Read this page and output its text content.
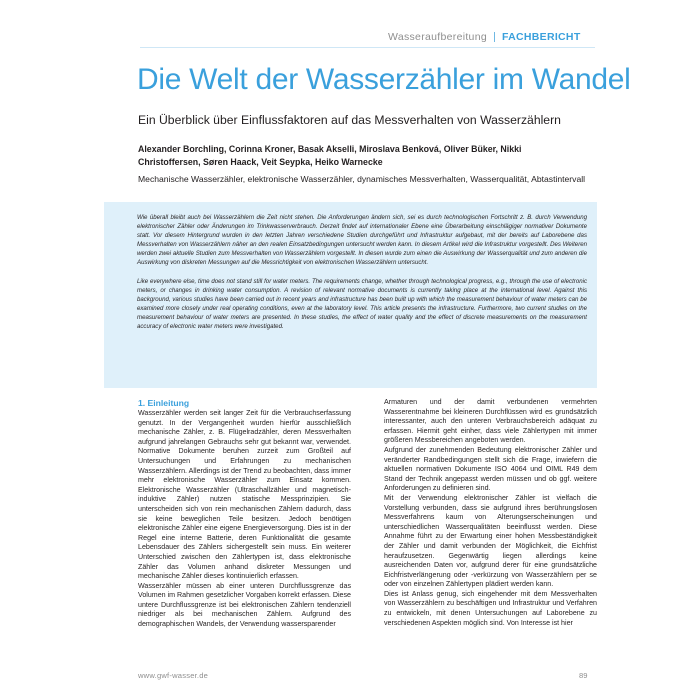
Wasseraufbereitung FACHBERICHT
Die Welt der Wasserzähler im Wandel
Ein Überblick über Einflussfaktoren auf das Messverhalten von Wasserzählern
Alexander Borchling, Corinna Kroner, Basak Akselli, Miroslava Benková, Oliver Büker, Nikki Christoffersen, Søren Haack, Veit Seypka, Heiko Warnecke
Mechanische Wasserzähler, elektronische Wasserzähler, dynamisches Messverhalten, Wasserqualität, Abtastintervall

Wie überall bleibt auch bei Wasserzählern die Zeit nicht stehen. Die Anforderungen ändern sich, sei es durch technologischen Fortschritt z. B. durch Verwendung elektronischer Zähler oder Änderungen im Trinkwasserverbrauch. Derzeit findet auf internationaler Ebene eine Überarbeitung einschlägiger normativer Dokumente statt. Vor diesem Hintergrund wurden in den letzten Jahren verschiedene Studien durchgeführt und Infrastruktur aufgebaut, mit der bereits auf Laborebene das Messverhalten von Wasserzählern näher an den realen Einsatzbedingungen untersucht werden kann. In diesem Artikel wird die Infrastruktur vorgestellt. Des Weiteren werden zwei aktuelle Studien zum Messverhalten von Wasserzählern vorgestellt. In diesen wurde zum einen die Auswirkung der Wasserqualität und zum anderen die Auswirkung von diskreten Messungen auf die Messrichtigkeit von elektronischen Wasserzählern untersucht.

Like everywhere else, time does not stand still for water meters. The requirements change, whether through technological progress, e.g., through the use of electronic meters, or changes in drinking water consumption. A revision of relevant normative documents is currently taking place at the international level. Against this background, various studies have been carried out in recent years and infrastructure has been built up with which the measurement behaviour of water meters can be examined more closely under real operating conditions, even at the laboratory level. This article presents the infrastructure. Furthermore, two current studies on the measurement behaviour of water meters are presented. In these studies, the effect of water quality and the effect of discrete measurements on the measurement accuracy of electronic water meters were investigated.

1. Einleitung

Wasserzähler werden seit langer Zeit für die Verbrauchserfassung genutzt. In der Vergangenheit wurden hierfür ausschließlich mechanische Zähler, z. B. Flügelradzähler, deren Messverhalten aufgrund jahrelangen Gebrauchs sehr gut bekannt war, verwendet. Normative Dokumente beruhen zurzeit zum Großteil auf Untersuchungen und Erfahrungen zu mechanischen Wasserzählern. Allerdings ist der Trend zu beobachten, dass immer mehr elektronische Wasserzähler zum Einsatz kommen. Elektronische Wasserzähler (Ultraschallzähler und magnetisch-induktive Zähler) nutzen statische Messprinzipien. Sie unterscheiden sich von rein mechanischen Zählern dadurch, dass sie keine beweglichen Teile besitzen. Jedoch benötigen elektronische Zähler eine eigene Energieversorgung. Dies ist in der Regel eine interne Batterie, deren Funktionalität die gesamte Lebensdauer des Zählers sichergestellt sein muss. Ein weiterer Unterschied zwischen den Zählertypen ist, dass elektronische Zähler das Volumen anhand diskreter Messungen und mechanische Zähler dieses kontinuierlich erfassen.

Wasserzähler müssen ab einer unteren Durchflussgrenze das Volumen im Rahmen gesetzlicher Vorgaben korrekt erfassen. Diese untere Durchflussgrenze ist bei elektronischen Zählern tendenziell niedriger als bei mechanischen Zählern. Aufgrund des demographischen Wandels, der Verwendung wassersparender

Armaturen und der damit verbundenen vermehrten Wasserentnahme bei kleineren Durchflüssen wird es grundsätzlich interessanter, auch den unteren Verbrauchsbereich adäquat zu erfassen. Hiermit geht einher, dass viele Zählertypen mit immer größeren Messbereichen angeboten werden.

Aufgrund der zunehmenden Bedeutung elektronischer Zähler und veränderter Randbedingungen stellt sich die Frage, inwiefern die aktuellen normativen Dokumente ISO 4064 und OIML R49 dem Stand der Technik angepasst werden müssen und ob ggf. weitere Anforderungen zu definieren sind.

Mit der Verwendung elektronischer Zähler ist vielfach die Vorstellung verbunden, dass sie aufgrund ihres berührungslosen Messverfahrens kaum von Alterungserscheinungen und unterschiedlichen Wasserqualitäten beeinflusst werden. Diese Annahme führt zu der Erwartung einer hohen Messbeständigkeit der Zähler und damit verbunden der Möglichkeit, die Eichfrist heraufzusetzen. Gegenwärtig liegen allerdings keine ausreichenden Daten vor, aufgrund derer für eine grundsätzliche Eichfristverlängerung oder -verkürzung von Wasserzählern per se oder von einzelnen Zählertypen plädiert werden kann.

Dies ist Anlass genug, sich eingehender mit dem Messverhalten von Wasserzählern zu beschäftigen und Infrastruktur und Verfahren zu entwickeln, mit denen Untersuchungen auf Laborebene zu verschiedenen Aspekten möglich sind. Von Interesse ist hier

www.gwf-wasser.de	89
